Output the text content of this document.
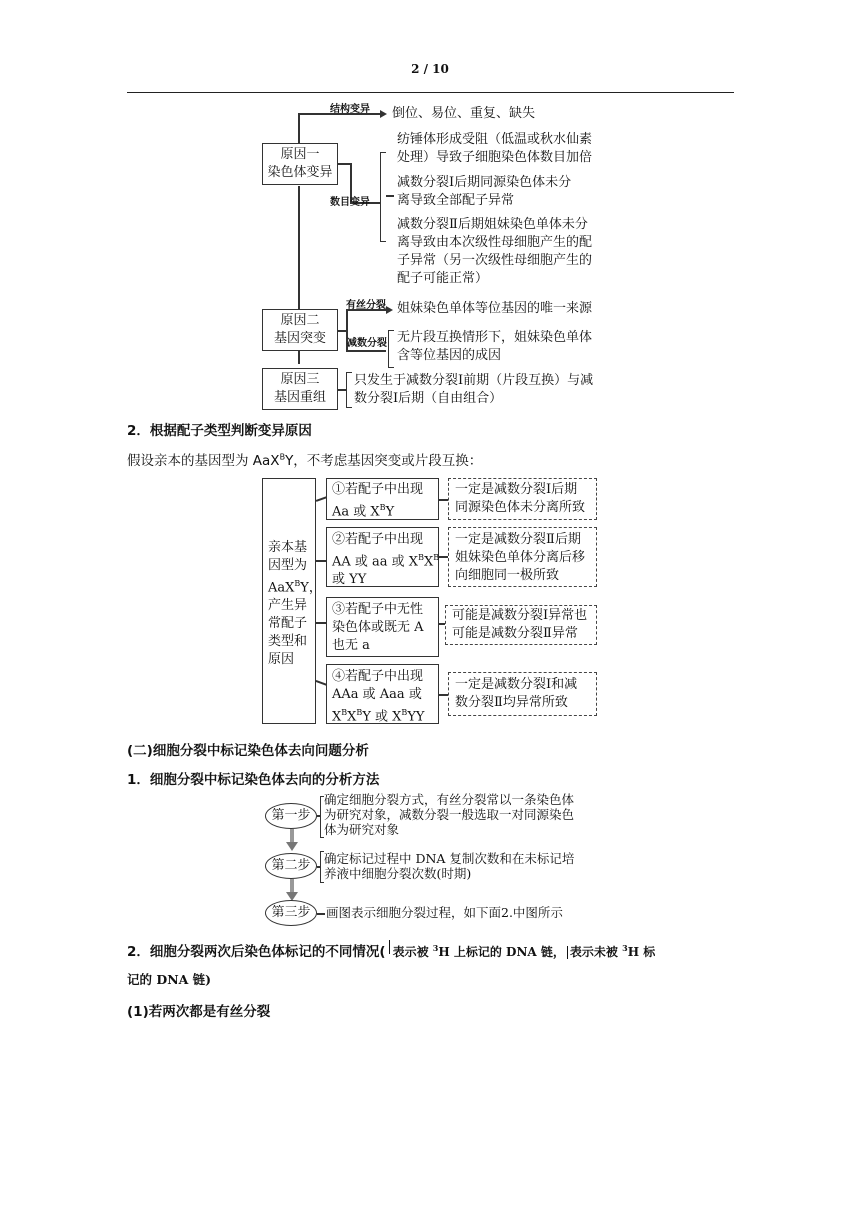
2 / 10
原因一
染色体变异
结构变异 倒位、易位、重复、缺失
数目变异
纺锤体形成受阻（低温或秋水仙素
处理）导致子细胞染色体数目加倍
减数分裂Ⅰ后期同源染色体未分
离导致全部配子异常
减数分裂Ⅱ后期姐妹染色单体未分
离导致由本次级性母细胞产生的配
子异常（另一次级性母细胞产生的
配子可能正常）
原因二
基因突变
有丝分裂 姐妹染色单体等位基因的唯一来源
减数分裂 无片段互换情形下，姐妹染色单体
含等位基因的成因
原因三
基因重组
只发生于减数分裂Ⅰ前期（片段互换）与减
数分裂Ⅰ后期（自由组合）
2．根据配子类型判断变异原因
假设亲本的基因型为 AaX$^B$Y，不考虑基因突变或片段互换：
亲本基
因型为
AaX$^B$Y，
产生异
常配子
类型和
原因
①若配子中出现
Aa 或 $X^BY$
一定是减数分裂Ⅰ后期
同源染色体未分离所致
②若配子中出现
AA 或 aa 或 $X^BX^B$
或 YY
一定是减数分裂Ⅱ后期
姐妹染色单体分离后移
向细胞同一极所致
③若配子中无性
染色体或既无 A
也无 a
可能是减数分裂Ⅰ异常也
可能是减数分裂Ⅱ异常
④若配子中出现
AAa 或 Aaa 或
$X^BX^BY$ 或 $X^BYY$
一定是减数分裂Ⅰ和减
数分裂Ⅱ均异常所致
(二)细胞分裂中标记染色体去向问题分析
1．细胞分裂中标记染色体去向的分析方法
第一步
确定细胞分裂方式，有丝分裂常以一条染色体
为研究对象，减数分裂一般选取一对同源染色
体为研究对象
第二步	确定标记过程中 DNA 复制次数和在未标记培
养液中细胞分裂次数(时期)
第三步	画图表示细胞分裂过程，如下面2.中图所示
2．细胞分裂两次后染色体标记的不同情况( 表示被 $^3$H 上标记的 DNA 链， 表示未被 $^3$H 标
记的 DNA 链)
(1)若两次都是有丝分裂
